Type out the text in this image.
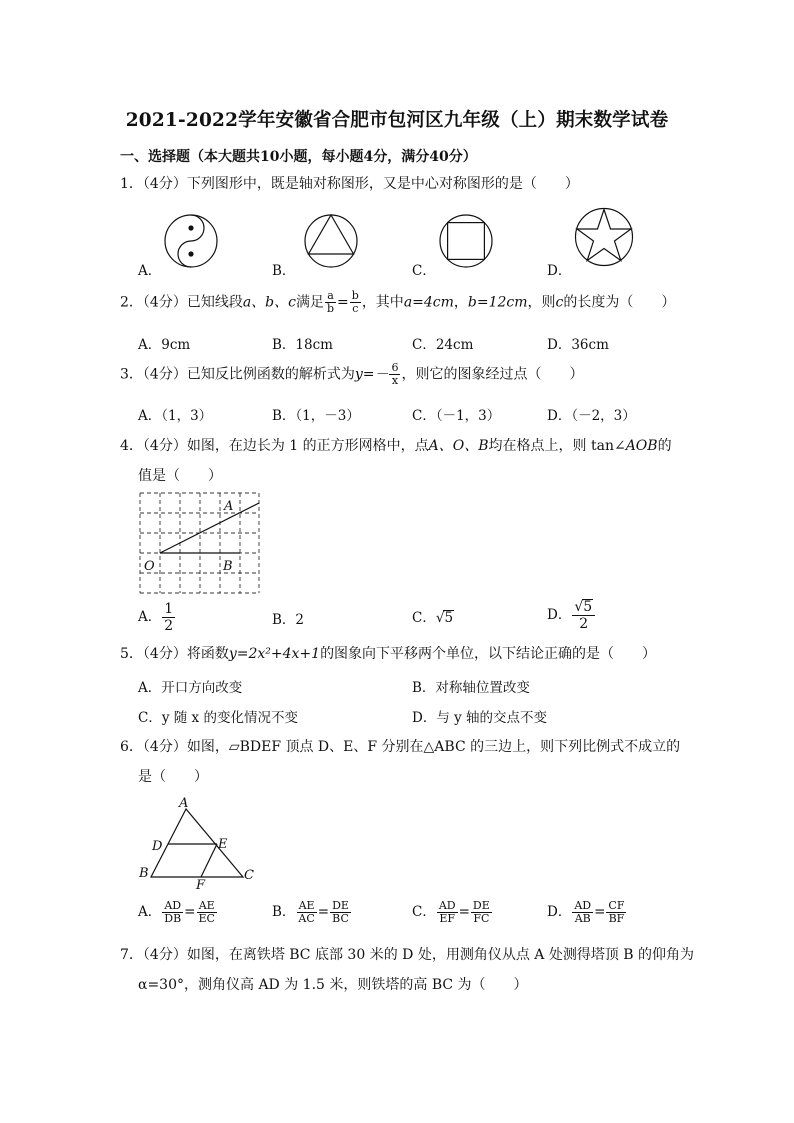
2021-2022学年安徽省合肥市包河区九年级（上）期末数学试卷
一、选择题（本大题共10小题，每小题4分，满分40分）
1．（4分）下列图形中，既是轴对称图形，又是中心对称图形的是（　　）
A．	B．	C．	D．
2．（4分）已知线段a、b、c满足 $\frac{a}{b} = \frac{b}{c}$ ，其中a=4cm，b=12cm，则c的长度为（　　）
A．9cm	B．18cm	C．24cm	D．36cm
3．（4分）已知反比例函数的解析式为$y=- \frac{6}{x}$ ，则它的图象经过点（　　）
A．（1，3）	B．（1，－3）	C．（－1，3）	D．（－2，3）
4．（4分）如图，在边长为 1 的正方形网格中，点A、O、B均在格点上，则 tan∠AOB的
值是（　　）
A
O	B
A． $\frac{1}{2}$	B．2	C．√5	D． $\frac{√5}{2}$
5．（4分）将函数y=2x²+4x+1的图象向下平移两个单位，以下结论正确的是（　　）
A．开口方向改变	B．对称轴位置改变
C．y 随 x 的变化情况不变	D．与 y 轴的交点不变
6．（4分）如图，▱BDEF 顶点 D、E、F 分别在△ABC 的三边上，则下列比例式不成立的
是（　　）
A
D	E
B	C
F
A． $\frac{AD}{DB} = \frac{AE}{EC}$	B． $\frac{AE}{AC} = \frac{DE}{BC}$	C． $\frac{AD}{EF} = \frac{DE}{FC}$	D． $\frac{AD}{AB} = \frac{CF}{BF}$
7．（4分）如图，在离铁塔 BC 底部 30 米的 D 处，用测角仪从点 A 处测得塔顶 B 的仰角为
α=30°，测角仪高 AD 为 1.5 米，则铁塔的高 BC 为（　　）
